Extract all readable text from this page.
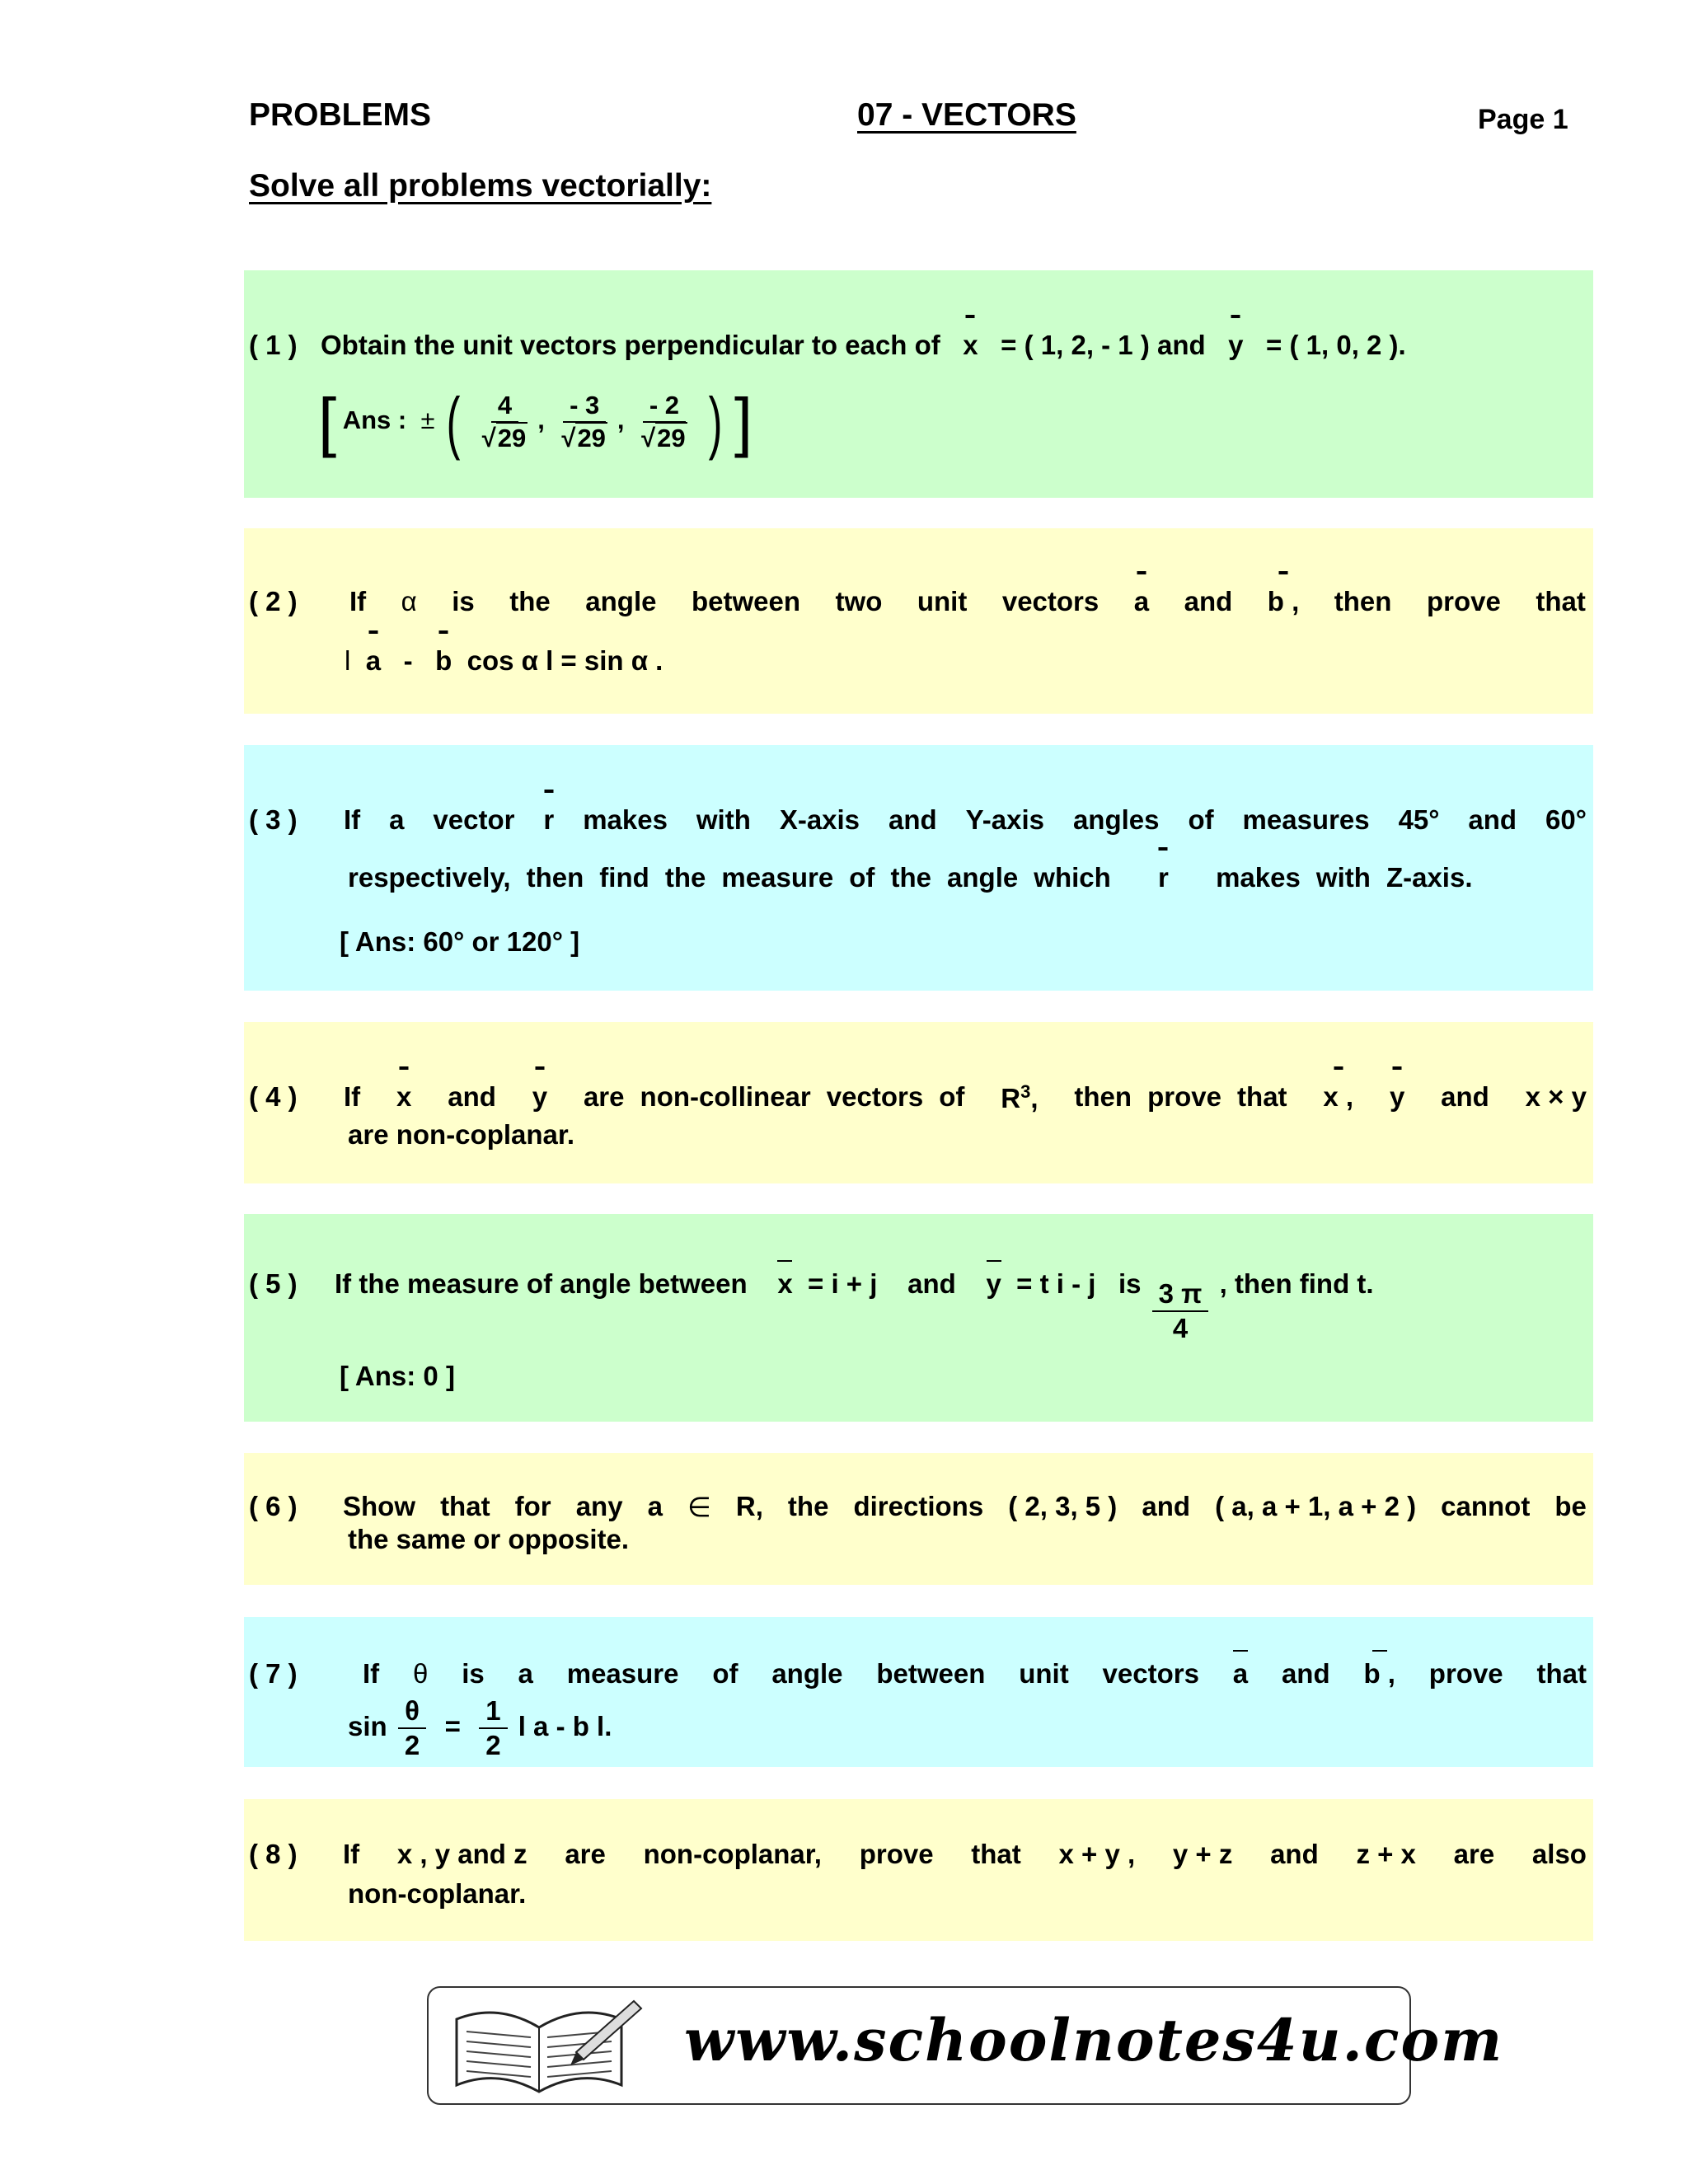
PROBLEMS	07 - VECTORS	Page 1
Solve all problems vectorially:
( 1 ) Obtain the unit vectors perpendicular to each of x = ( 1, 2, - 1 ) and y = ( 1, 0, 2 ).
[ Ans : ± ( $\frac{4}{√29}$ , $\frac{- 3}{√29}$ , $\frac{- 2}{√29}$ ) ]
( 2 ) If α is the angle between two unit vectors a and b , then prove that
l a - b cos α l = sin α .
( 3 ) If a vector r makes with X-axis and Y-axis angles of measures 45° and 60°
respectively, then find the measure of the angle which r makes with Z-axis.
[ Ans: 60° or 120° ]
( 4 ) If x and y are non-collinear vectors of $R^3$, then prove that x , y and x × y
are non-coplanar.
( 5 ) If the measure of angle between x = i + j and y = t i - j is $\frac{3 \pi}{4}$ , then find t.
[ Ans: 0 ]
( 6 ) Show that for any a ∈ R, the directions ( 2, 3, 5 ) and ( a, a + 1, a + 2 ) cannot be
the same or opposite.
( 7 ) If θ is a measure of angle between unit vectors a and b , prove that
$\sin \frac{\theta}{2} = \frac{1}{2}$ l a - b l.
( 8 ) If x , y and z are non-coplanar, prove that x + y , y + z and z + x are also
non-coplanar.
www.schoolnotes4u.com
